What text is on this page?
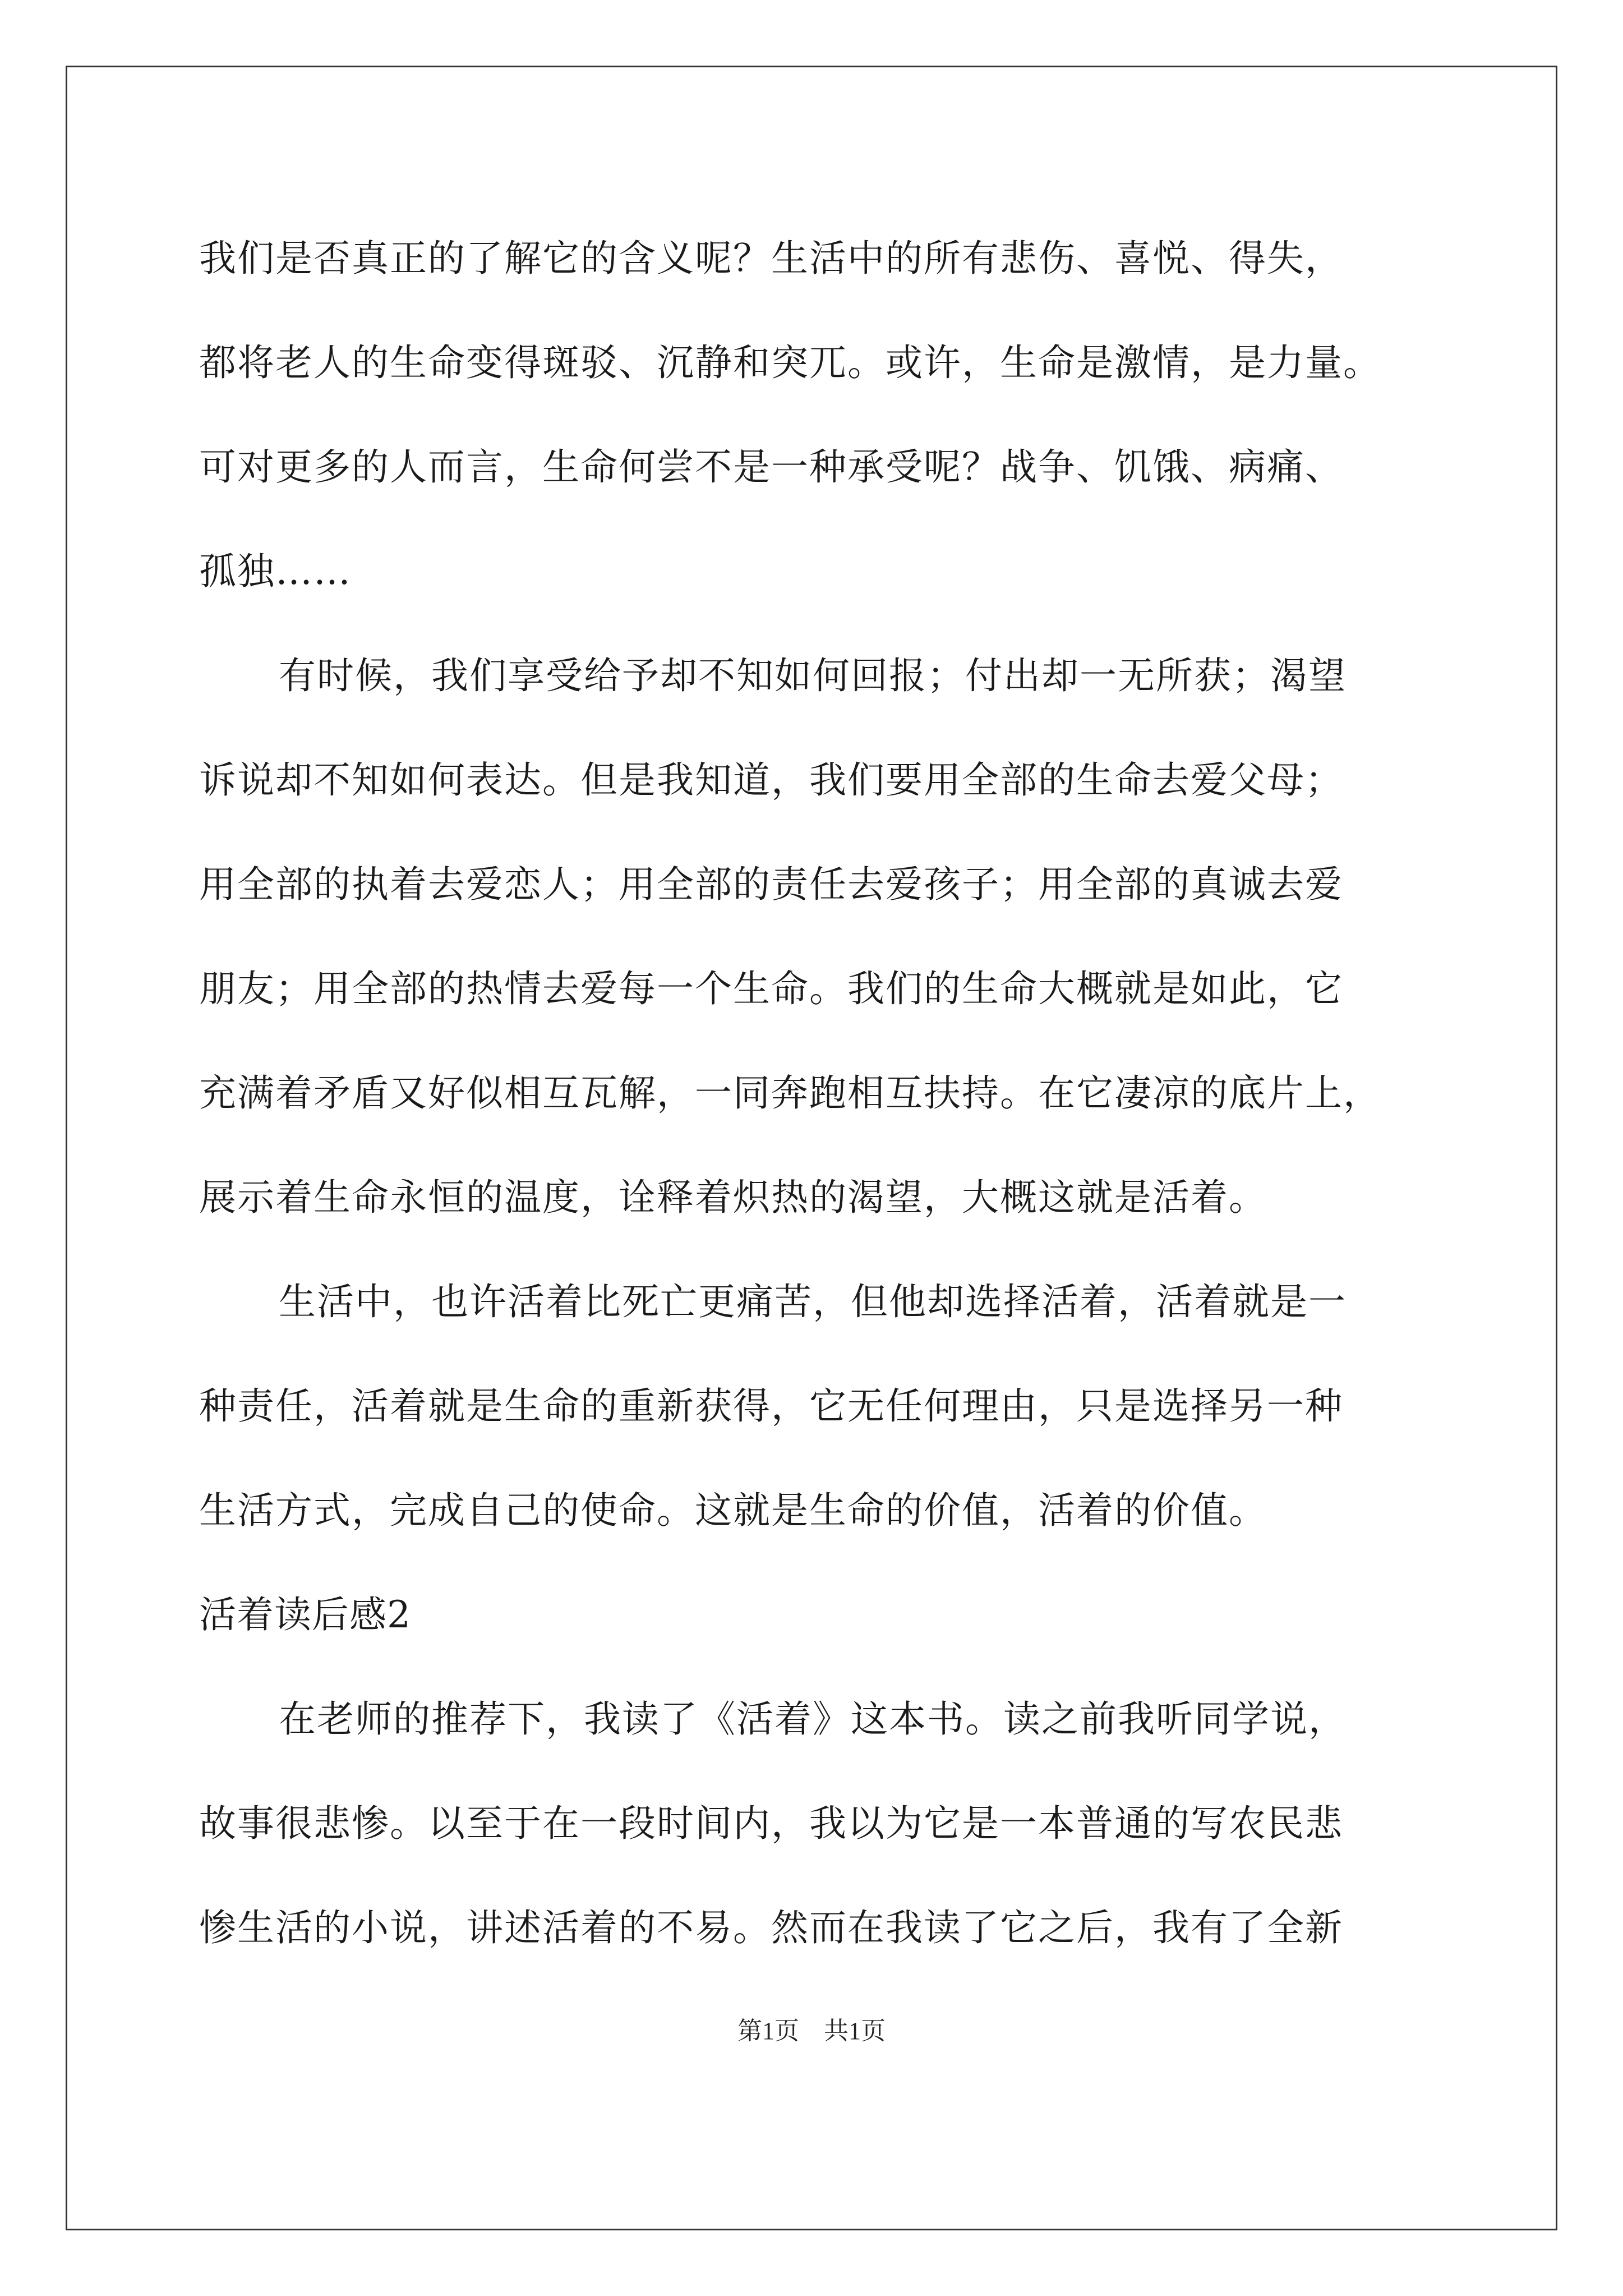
我们是否真正的了解它的含义呢？生活中的所有悲伤、喜悦、得失，
都将老人的生命变得斑驳、沉静和突兀。或许，生命是激情，是力量。
可对更多的人而言，生命何尝不是一种承受呢？战争、饥饿、病痛、
孤独……
有时候，我们享受给予却不知如何回报；付出却一无所获；渴望
诉说却不知如何表达。但是我知道，我们要用全部的生命去爱父母；
用全部的执着去爱恋人；用全部的责任去爱孩子；用全部的真诚去爱
朋友；用全部的热情去爱每一个生命。我们的生命大概就是如此，它
充满着矛盾又好似相互瓦解，一同奔跑相互扶持。在它凄凉的底片上，
展示着生命永恒的温度，诠释着炽热的渴望，大概这就是活着。
生活中，也许活着比死亡更痛苦，但他却选择活着，活着就是一
种责任，活着就是生命的重新获得，它无任何理由，只是选择另一种
生活方式，完成自己的使命。这就是生命的价值，活着的价值。
活着读后感2
在老师的推荐下，我读了《活着》这本书。读之前我听同学说，
故事很悲惨。以至于在一段时间内，我以为它是一本普通的写农民悲
惨生活的小说，讲述活着的不易。然而在我读了它之后，我有了全新
第1页　共1页
